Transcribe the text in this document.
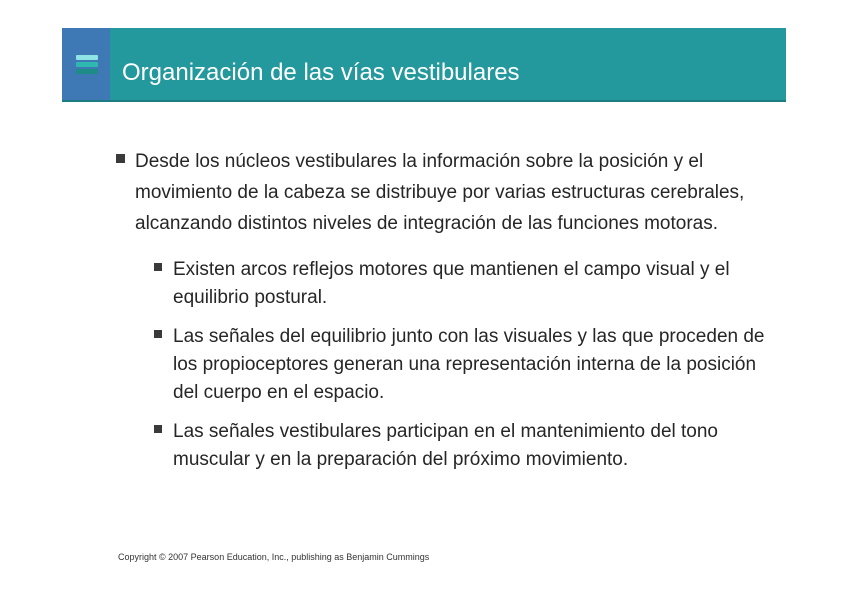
Organización de las vías vestibulares
Desde los núcleos vestibulares la información sobre la posición y el movimiento de la cabeza se distribuye por varias estructuras cerebrales, alcanzando distintos niveles de integración de las funciones motoras.
Existen arcos reflejos motores que mantienen el campo visual y el equilibrio postural.
Las señales del equilibrio junto con las visuales y las que proceden de los propioceptores generan una representación interna de la posición del cuerpo en el espacio.
Las señales vestibulares participan en el mantenimiento del tono muscular y en la preparación del próximo movimiento.
Copyright © 2007 Pearson Education, Inc., publishing as Benjamin Cummings
